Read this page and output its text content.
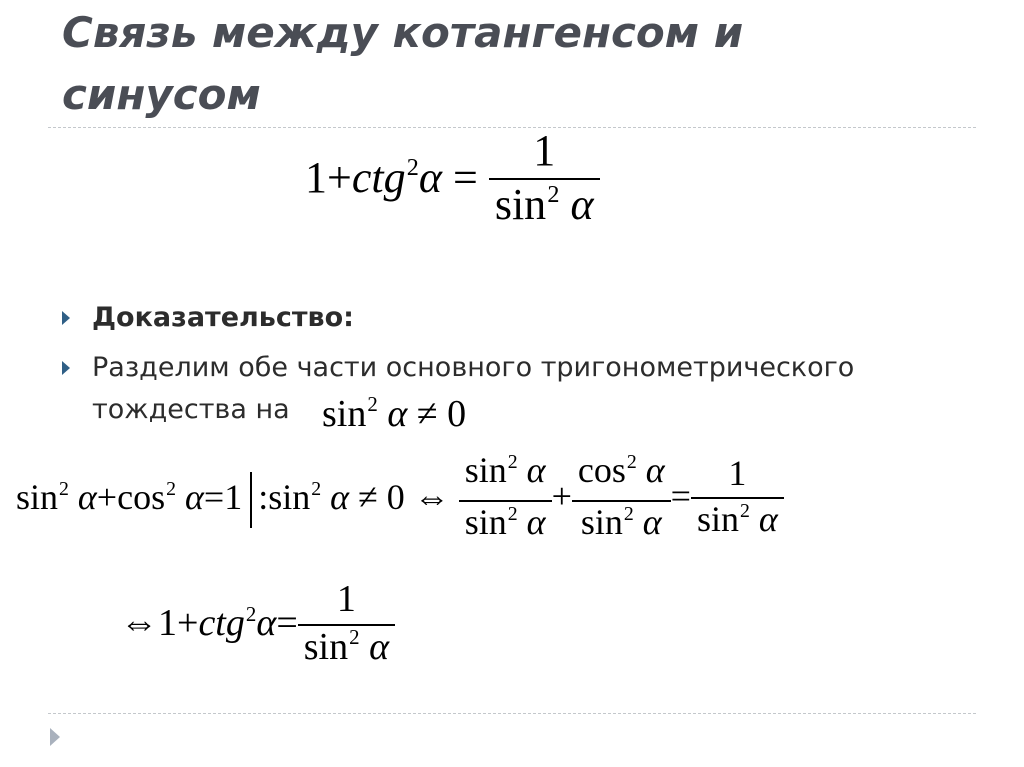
Связь между котангенсом и
синусом
$1+ctg^2\alpha = \frac{1}{\sin^2 \alpha}$
Доказательство:
Разделим обе части основного тригонометрического
тождества на $\sin^2 \alpha \ne 0$
$\sin^2 \alpha+\cos^2$ α=1 $:\sin^2$ α ≠ 0 ⇔ $\frac{\sin^2 \alpha}{\sin^2 \alpha} + \frac{\cos^2 \alpha}{\sin^2 \alpha} = \frac{1}{\sin^2 \alpha}$
⇔1+ctg$^2$α= $\frac{1}{\sin^2 \alpha}$
